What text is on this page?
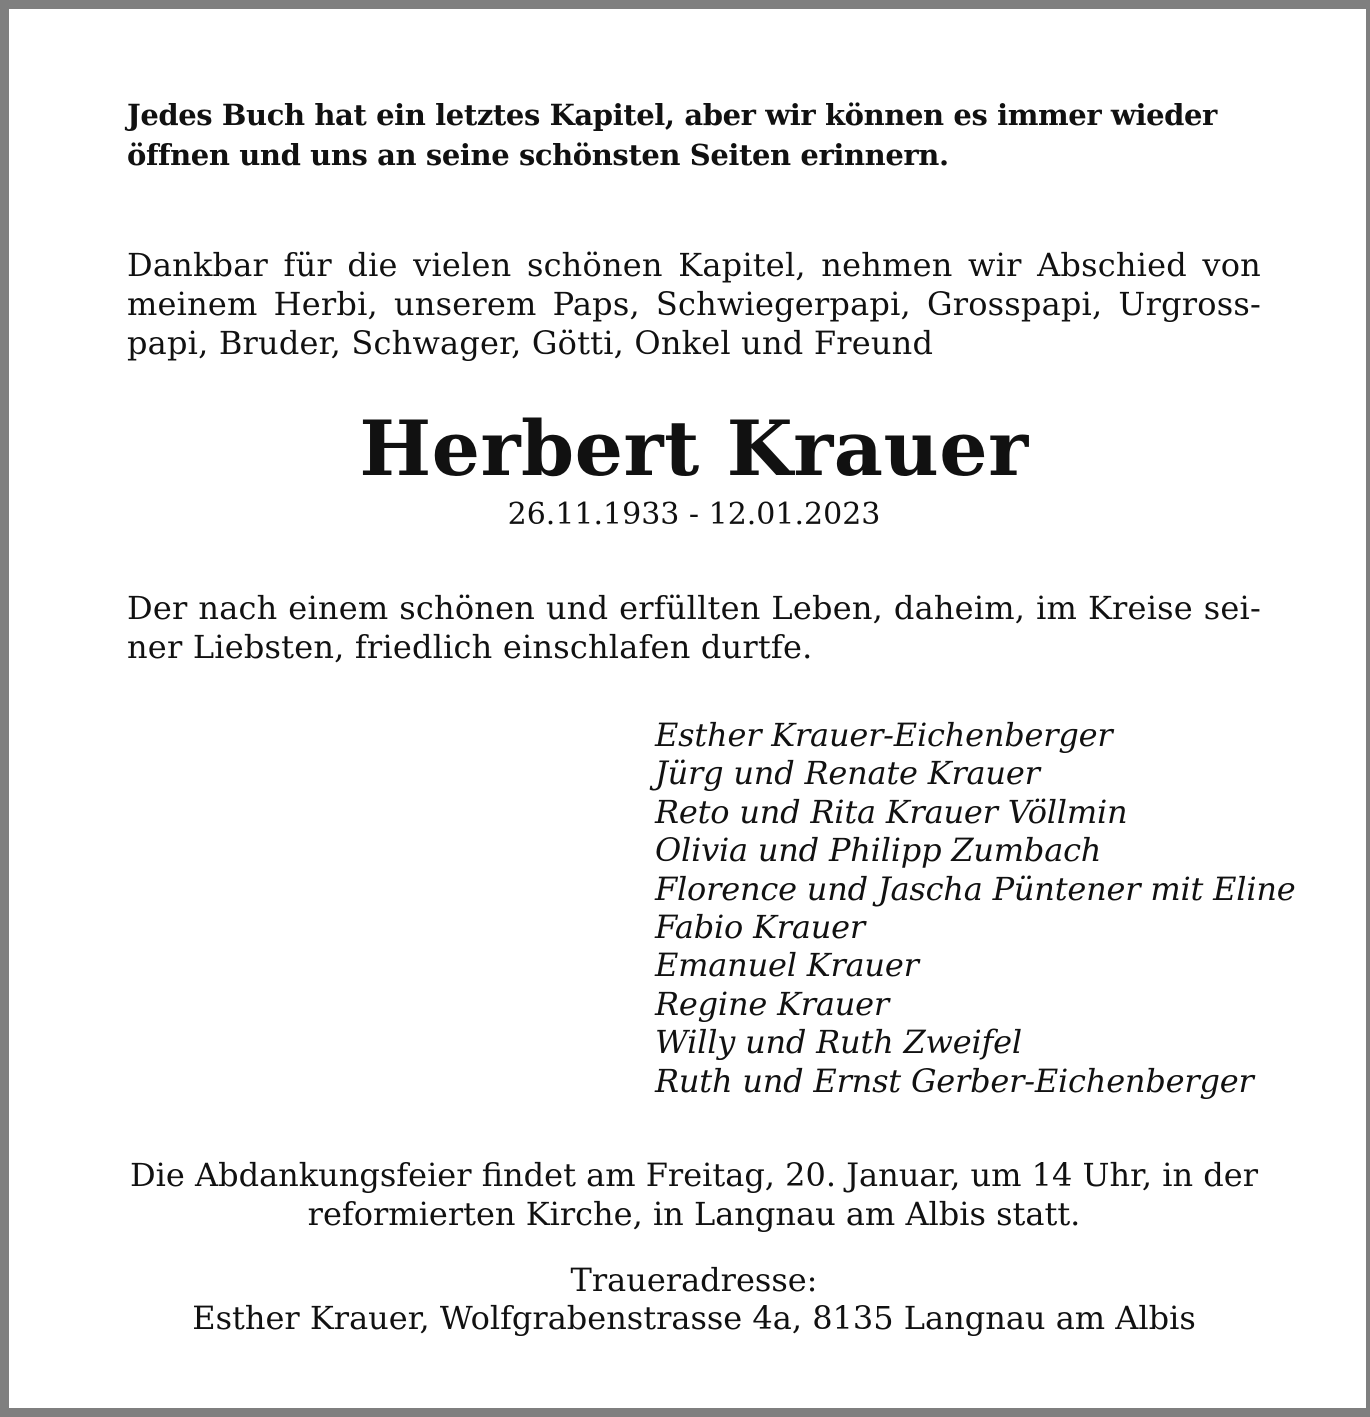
Jedes Buch hat ein letztes Kapitel, aber wir können es immer wieder
öffnen und uns an seine schönsten Seiten erinnern.

Dankbar für die vielen schönen Kapitel, nehmen wir Abschied von
meinem Herbi, unserem Paps, Schwiegerpapi, Grosspapi, Urgross-
papi, Bruder, Schwager, Götti, Onkel und Freund

Herbert Krauer

26.11.1933 - 12.01.2023

Der nach einem schönen und erfüllten Leben, daheim, im Kreise sei-
ner Liebsten, friedlich einschlafen durtfe.

Esther Krauer-Eichenberger
Jürg und Renate Krauer
Reto und Rita Krauer Völlmin
Olivia und Philipp Zumbach
Florence und Jascha Püntener mit Eline
Fabio Krauer
Emanuel Krauer
Regine Krauer
Willy und Ruth Zweifel
Ruth und Ernst Gerber-Eichenberger

Die Abdankungsfeier findet am Freitag, 20. Januar, um 14 Uhr, in der
reformierten Kirche, in Langnau am Albis statt.

Traueradresse:
Esther Krauer, Wolfgrabenstrasse 4a, 8135 Langnau am Albis
